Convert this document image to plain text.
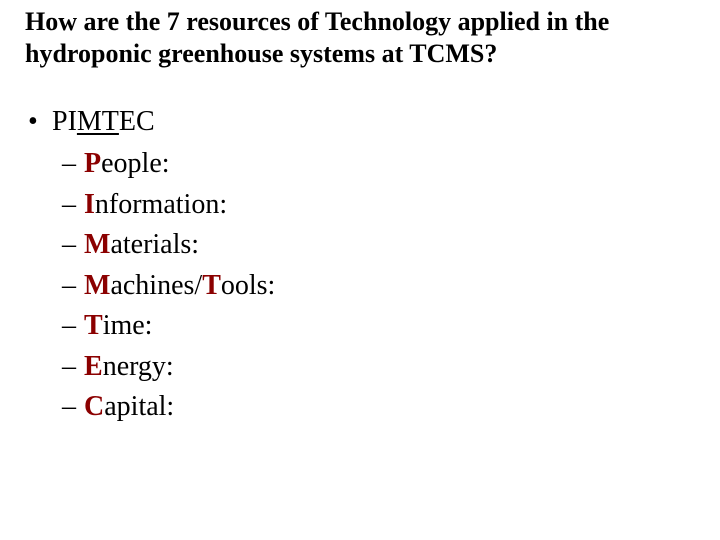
How are the 7 resources of Technology applied in the hydroponic greenhouse systems at TCMS?
• PIMTEC
– People:
– Information:
– Materials:
– Machines/Tools:
– Time:
– Energy:
– Capital:
